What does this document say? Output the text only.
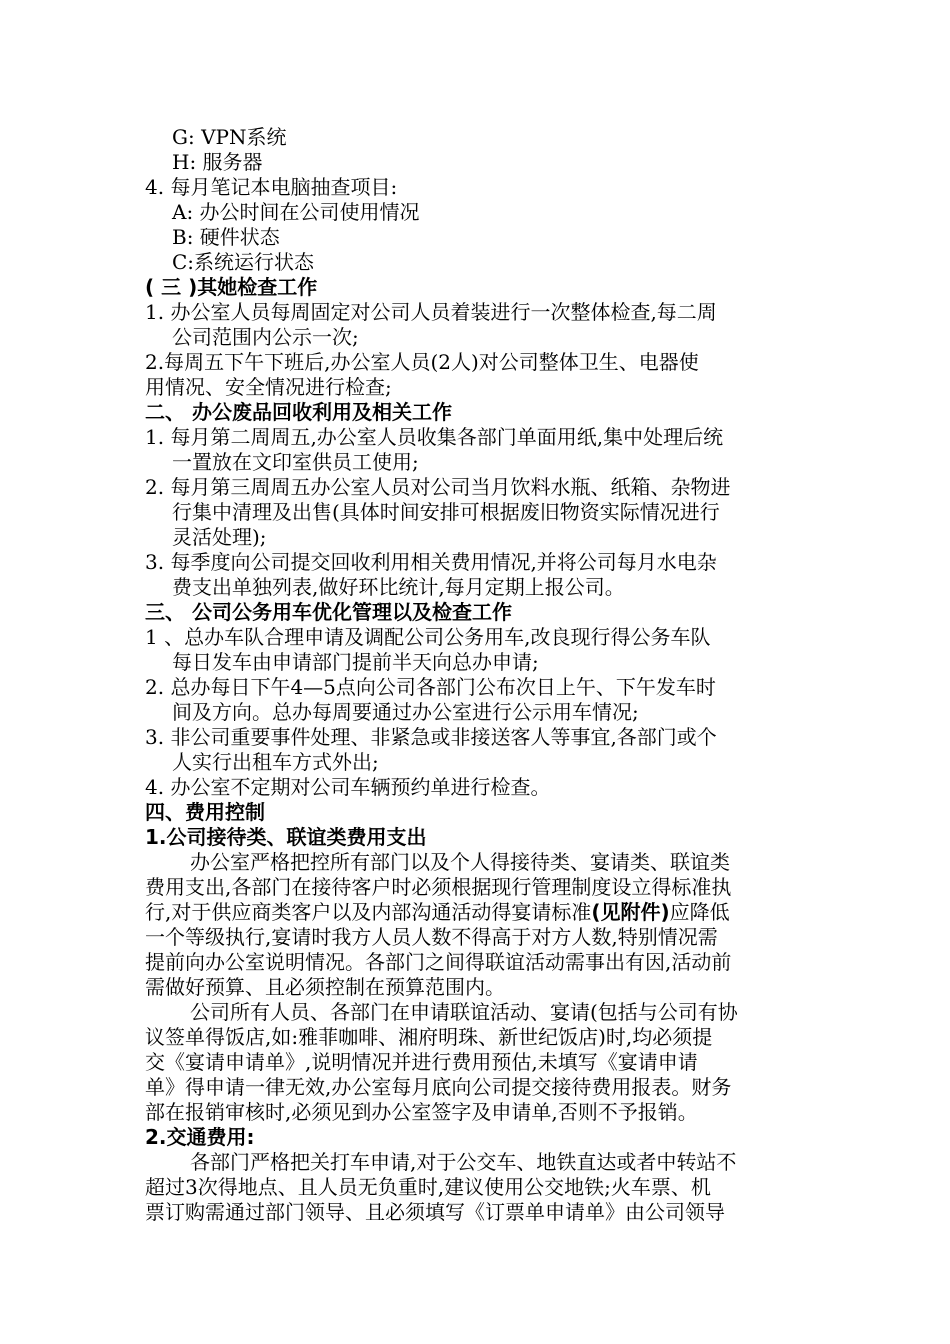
G: VPN系统
H: 服务器
4. 每月笔记本电脑抽查项目:
A: 办公时间在公司使用情况
B: 硬件状态
C:系统运行状态
( 三 )其她检查工作
1. 办公室人员每周固定对公司人员着装进行一次整体检查,每二周
公司范围内公示一次;
2.每周五下午下班后,办公室人员(2人)对公司整体卫生、电器使
用情况、安全情况进行检查;
二、 办公废品回收利用及相关工作
1. 每月第二周周五,办公室人员收集各部门单面用纸,集中处理后统
一置放在文印室供员工使用;
2. 每月第三周周五办公室人员对公司当月饮料水瓶、纸箱、杂物进
行集中清理及出售(具体时间安排可根据废旧物资实际情况进行
灵活处理);
3. 每季度向公司提交回收利用相关费用情况,并将公司每月水电杂
费支出单独列表,做好环比统计,每月定期上报公司。
三、 公司公务用车优化管理以及检查工作
1 、总办车队合理申请及调配公司公务用车,改良现行得公务车队
每日发车由申请部门提前半天向总办申请;
2. 总办每日下午4—5点向公司各部门公布次日上午、下午发车时
间及方向。总办每周要通过办公室进行公示用车情况;
3. 非公司重要事件处理、非紧急或非接送客人等事宜,各部门或个
人实行出租车方式外出;
4. 办公室不定期对公司车辆预约单进行检查。
四、费用控制
1.公司接待类、联谊类费用支出
办公室严格把控所有部门以及个人得接待类、宴请类、联谊类
费用支出,各部门在接待客户时必须根据现行管理制度设立得标准执
行,对于供应商类客户以及内部沟通活动得宴请标准(见附件)应降低
一个等级执行,宴请时我方人员人数不得高于对方人数,特别情况需
提前向办公室说明情况。各部门之间得联谊活动需事出有因,活动前
需做好预算、且必须控制在预算范围内。
公司所有人员、各部门在申请联谊活动、宴请(包括与公司有协
议签单得饭店,如:雅菲咖啡、湘府明珠、新世纪饭店)时,均必须提
交《宴请申请单》,说明情况并进行费用预估,未填写《宴请申请
单》得申请一律无效,办公室每月底向公司提交接待费用报表。财务
部在报销审核时,必须见到办公室签字及申请单,否则不予报销。
2.交通费用:
各部门严格把关打车申请,对于公交车、地铁直达或者中转站不
超过3次得地点、且人员无负重时,建议使用公交地铁;火车票、机
票订购需通过部门领导、且必须填写《订票单申请单》由公司领导
